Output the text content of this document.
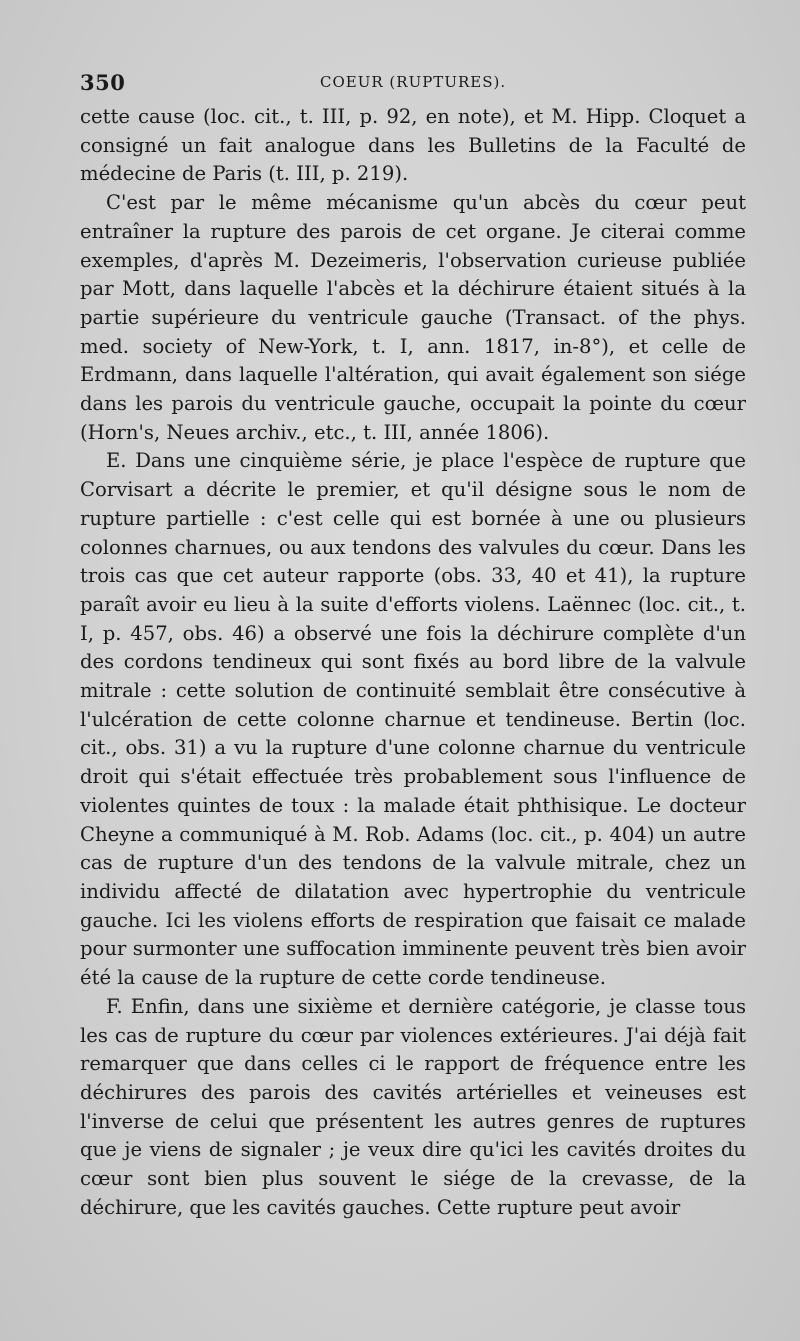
350	COEUR (RUPTURES).

cette cause (loc. cit., t. III, p. 92, en note), et M. Hipp. Cloquet a consigné un fait analogue dans les Bulletins de la Faculté de médecine de Paris (t. III, p. 219).

C'est par le même mécanisme qu'un abcès du cœur peut entraîner la rupture des parois de cet organe. Je citerai comme exemples, d'après M. Dezeimeris, l'observation curieuse publiée par Mott, dans laquelle l'abcès et la déchirure étaient situés à la partie supérieure du ventricule gauche (Transact. of the phys. med. society of New-York, t. I, ann. 1817, in-8°), et celle de Erdmann, dans laquelle l'altération, qui avait également son siége dans les parois du ventricule gauche, occupait la pointe du cœur (Horn's, Neues archiv., etc., t. III, année 1806).

E. Dans une cinquième série, je place l'espèce de rupture que Corvisart a décrite le premier, et qu'il désigne sous le nom de rupture partielle : c'est celle qui est bornée à une ou plusieurs colonnes charnues, ou aux tendons des valvules du cœur. Dans les trois cas que cet auteur rapporte (obs. 33, 40 et 41), la rupture paraît avoir eu lieu à la suite d'efforts violens. Laënnec (loc. cit., t. I, p. 457, obs. 46) a observé une fois la déchirure complète d'un des cordons tendineux qui sont fixés au bord libre de la valvule mitrale : cette solution de continuité semblait être consécutive à l'ulcération de cette colonne charnue et tendineuse. Bertin (loc. cit., obs. 31) a vu la rupture d'une colonne charnue du ventricule droit qui s'était effectuée très probablement sous l'influence de violentes quintes de toux : la malade était phthisique. Le docteur Cheyne a communiqué à M. Rob. Adams (loc. cit., p. 404) un autre cas de rupture d'un des tendons de la valvule mitrale, chez un individu affecté de dilatation avec hypertrophie du ventricule gauche. Ici les violens efforts de respiration que faisait ce malade pour surmonter une suffocation imminente peuvent très bien avoir été la cause de la rupture de cette corde tendineuse.

F. Enfin, dans une sixième et dernière catégorie, je classe tous les cas de rupture du cœur par violences extérieures. J'ai déjà fait remarquer que dans celles ci le rapport de fréquence entre les déchirures des parois des cavités artérielles et veineuses est l'inverse de celui que présentent les autres genres de ruptures que je viens de signaler ; je veux dire qu'ici les cavités droites du cœur sont bien plus souvent le siége de la crevasse, de la déchirure, que les cavités gauches. Cette rupture peut avoir
